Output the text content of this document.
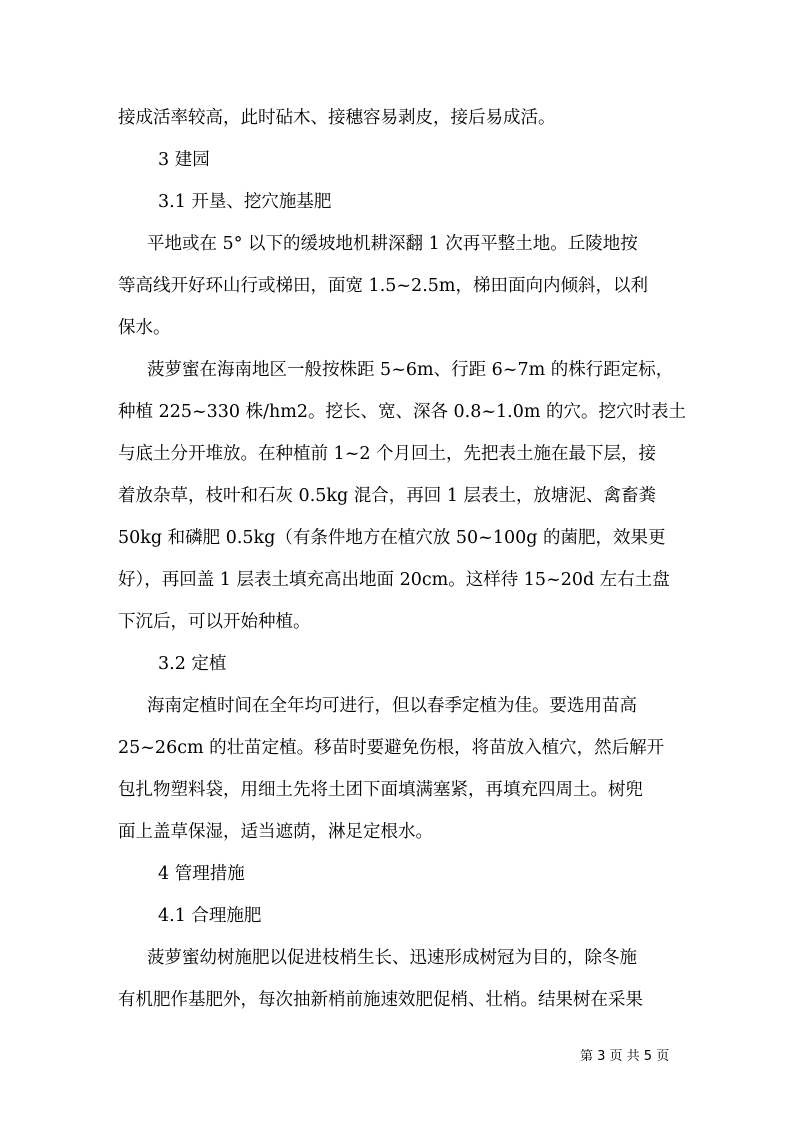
接成活率较高，此时砧木、接穗容易剥皮，接后易成活。
3 建园
3.1 开垦、挖穴施基肥
平地或在 5° 以下的缓坡地机耕深翻 1 次再平整土地。丘陵地按
等高线开好环山行或梯田，面宽 1.5~2.5m，梯田面向内倾斜，以利
保水。
菠萝蜜在海南地区一般按株距 5~6m、行距 6~7m 的株行距定标，
种植 225~330 株/hm2。挖长、宽、深各 0.8~1.0m 的穴。挖穴时表土
与底土分开堆放。在种植前 1~2 个月回土，先把表土施在最下层，接
着放杂草，枝叶和石灰 0.5kg 混合，再回 1 层表土，放塘泥、禽畜粪
50kg 和磷肥 0.5kg（有条件地方在植穴放 50~100g 的菌肥，效果更
好），再回盖 1 层表土填充高出地面 20cm。这样待 15~20d 左右土盘
下沉后，可以开始种植。
3.2 定植
海南定植时间在全年均可进行，但以春季定植为佳。要选用苗高
25~26cm 的壮苗定植。移苗时要避免伤根，将苗放入植穴，然后解开
包扎物塑料袋，用细土先将土团下面填满塞紧，再填充四周土。树兜
面上盖草保湿，适当遮荫，淋足定根水。
4 管理措施
4.1 合理施肥
菠萝蜜幼树施肥以促进枝梢生长、迅速形成树冠为目的，除冬施
有机肥作基肥外，每次抽新梢前施速效肥促梢、壮梢。结果树在采果
第 3 页 共 5 页
